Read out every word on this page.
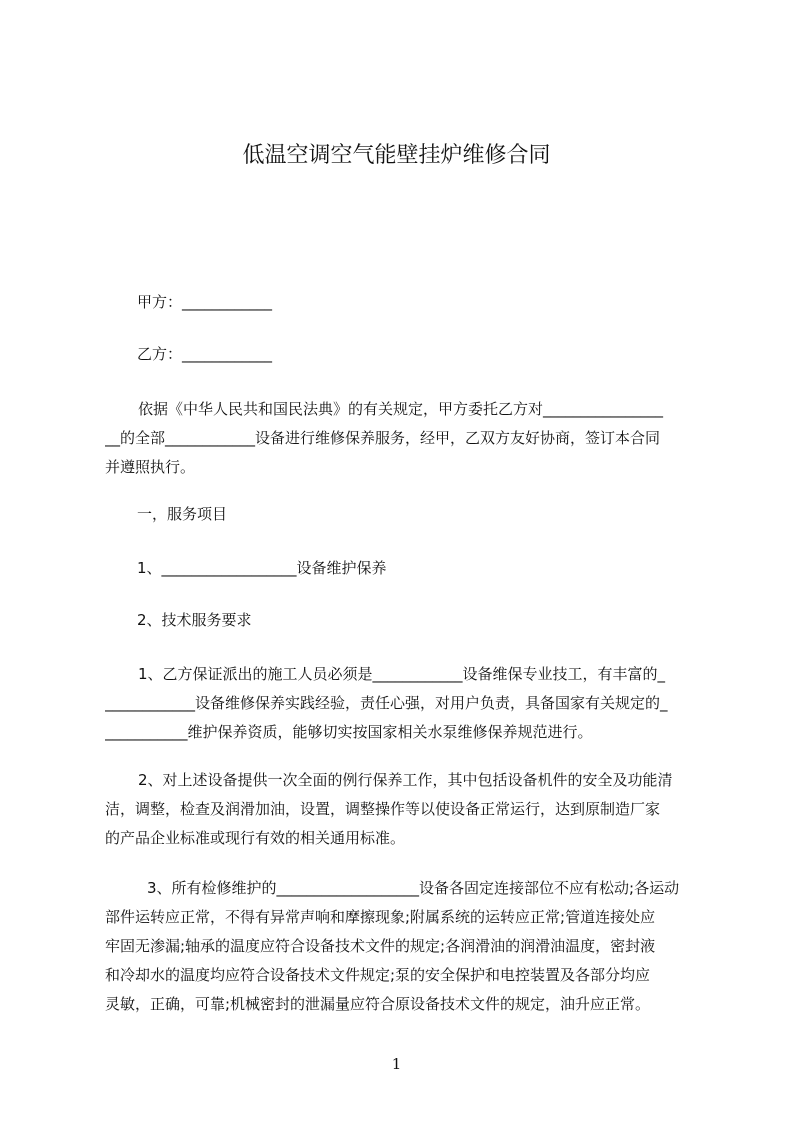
低温空调空气能壁挂炉维修合同
甲方：____________
乙方：____________
依据《中华人民共和国民法典》的有关规定，甲方委托乙方对________________
__的全部____________设备进行维修保养服务，经甲，乙双方友好协商，签订本合同
并遵照执行。
一，服务项目
1、__________________设备维护保养
2、技术服务要求
1、乙方保证派出的施工人员必须是____________设备维保专业技工，有丰富的_
____________设备维修保养实践经验，责任心强，对用户负责，具备国家有关规定的_
___________维护保养资质，能够切实按国家相关水泵维修保养规范进行。
2、对上述设备提供一次全面的例行保养工作，其中包括设备机件的安全及功能清
洁，调整，检查及润滑加油，设置，调整操作等以使设备正常运行，达到原制造厂家
的产品企业标准或现行有效的相关通用标准。
3、所有检修维护的___________________设备各固定连接部位不应有松动;各运动
部件运转应正常，不得有异常声响和摩擦现象;附属系统的运转应正常;管道连接处应
牢固无渗漏;轴承的温度应符合设备技术文件的规定;各润滑油的润滑油温度，密封液
和冷却水的温度均应符合设备技术文件规定;泵的安全保护和电控装置及各部分均应
灵敏，正确，可靠;机械密封的泄漏量应符合原设备技术文件的规定，油升应正常。
1
